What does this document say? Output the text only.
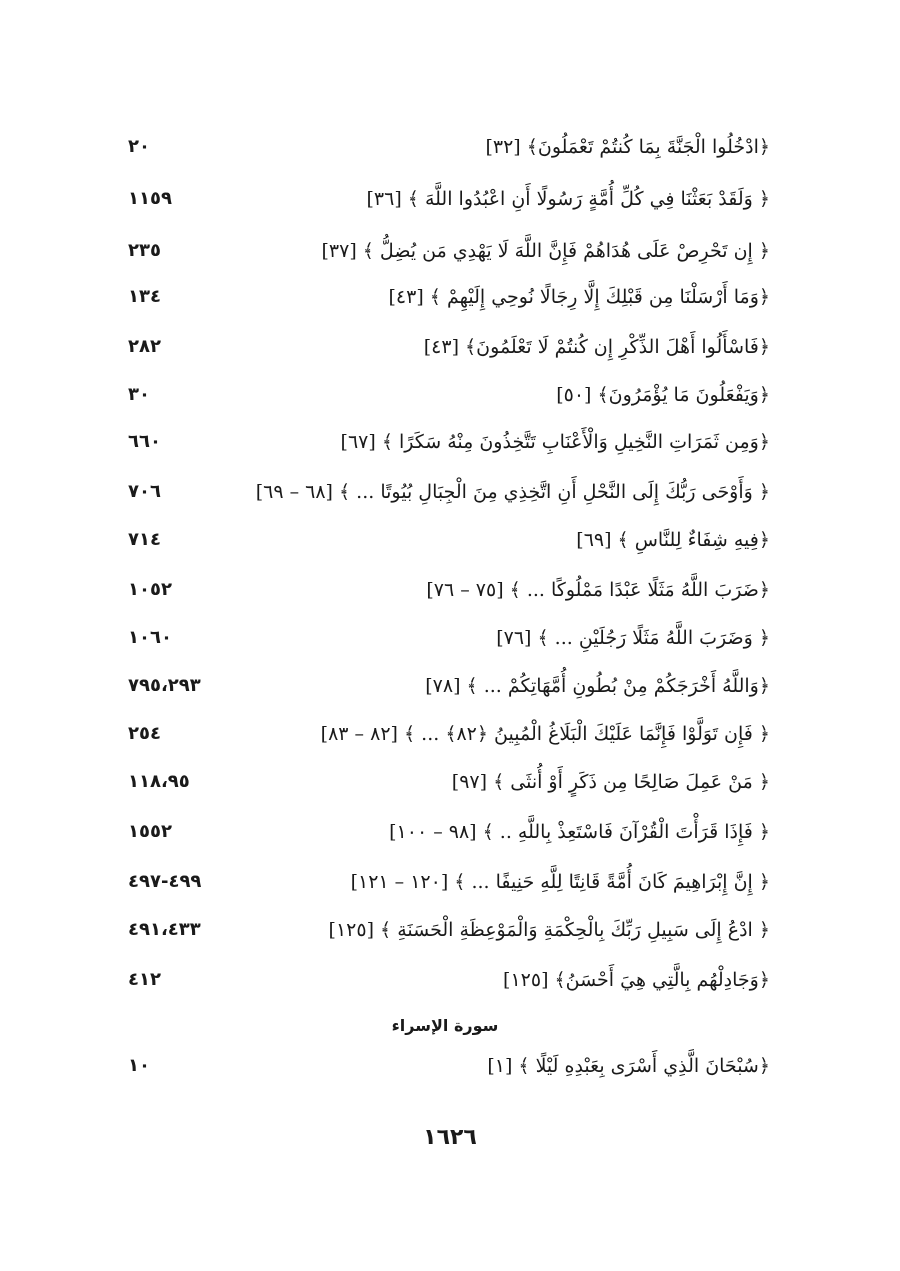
﴿ادْخُلُوا الْجَنَّةَ بِمَا كُنتُمْ تَعْمَلُونَ﴾ [٣٢]
٢٠
﴿ وَلَقَدْ بَعَثْنَا فِي كُلِّ أُمَّةٍ رَسُولًا أَنِ اعْبُدُوا اللَّهَ ﴾ [٣٦]
١١٥٩
﴿ إِن تَحْرِصْ عَلَى هُدَاهُمْ فَإِنَّ اللَّهَ لَا يَهْدِي مَن يُضِلُّ ﴾ [٣٧]
٢٣٥
﴿وَمَا أَرْسَلْنَا مِن قَبْلِكَ إِلَّا رِجَالًا نُوحِي إِلَيْهِمْ ﴾ [٤٣]
١٣٤
﴿فَاسْأَلُوا أَهْلَ الذِّكْرِ إِن كُنتُمْ لَا تَعْلَمُونَ﴾ [٤٣]
٢٨٢
﴿وَيَفْعَلُونَ مَا يُؤْمَرُونَ﴾ [٥٠]
٣٠
﴿وَمِن ثَمَرَاتِ النَّخِيلِ وَالْأَعْنَابِ تَتَّخِذُونَ مِنْهُ سَكَرًا ﴾ [٦٧]
٦٦٠
﴿ وَأَوْحَى رَبُّكَ إِلَى النَّحْلِ أَنِ اتَّخِذِي مِنَ الْجِبَالِ بُيُوتًا ... ﴾ [٦٨ – ٦٩]
٧٠٦
﴿فِيهِ شِفَاءٌ لِلنَّاسِ ﴾ [٦٩]
٧١٤
﴿ضَرَبَ اللَّهُ مَثَلًا عَبْدًا مَمْلُوكًا ... ﴾ [٧٥ – ٧٦]
١٠٥٢
﴿ وَضَرَبَ اللَّهُ مَثَلًا رَجُلَيْنِ ... ﴾ [٧٦]
١٠٦٠
﴿وَاللَّهُ أَخْرَجَكُمْ مِنْ بُطُونِ أُمَّهَاتِكُمْ ... ﴾ [٧٨]
٧٩٥،٢٩٣
﴿ فَإِن تَوَلَّوْا فَإِنَّمَا عَلَيْكَ الْبَلَاغُ الْمُبِينُ ﴿٨٢﴾ ... ﴾ [٨٢ – ٨٣]
٢٥٤
﴿ مَنْ عَمِلَ صَالِحًا مِن ذَكَرٍ أَوْ أُنثَى ﴾ [٩٧]
١١٨،٩٥
﴿ فَإِذَا قَرَأْتَ الْقُرْآنَ فَاسْتَعِذْ بِاللَّهِ .. ﴾ [٩٨ – ١٠٠]
١٥٥٢
﴿ إِنَّ إِبْرَاهِيمَ كَانَ أُمَّةً قَانِتًا لِلَّهِ حَنِيفًا ... ﴾ [١٢٠ – ١٢١]
٤٩٩-٤٩٧
﴿ ادْعُ إِلَى سَبِيلِ رَبِّكَ بِالْحِكْمَةِ وَالْمَوْعِظَةِ الْحَسَنَةِ ﴾ [١٢٥]
٤٩١،٤٣٣
﴿وَجَادِلْهُم بِالَّتِي هِيَ أَحْسَنُ﴾ [١٢٥]
٤١٢
سورة الإسراء
﴿سُبْحَانَ الَّذِي أَسْرَى بِعَبْدِهِ لَيْلًا ﴾ [١]
١٠
١٦٢٦
